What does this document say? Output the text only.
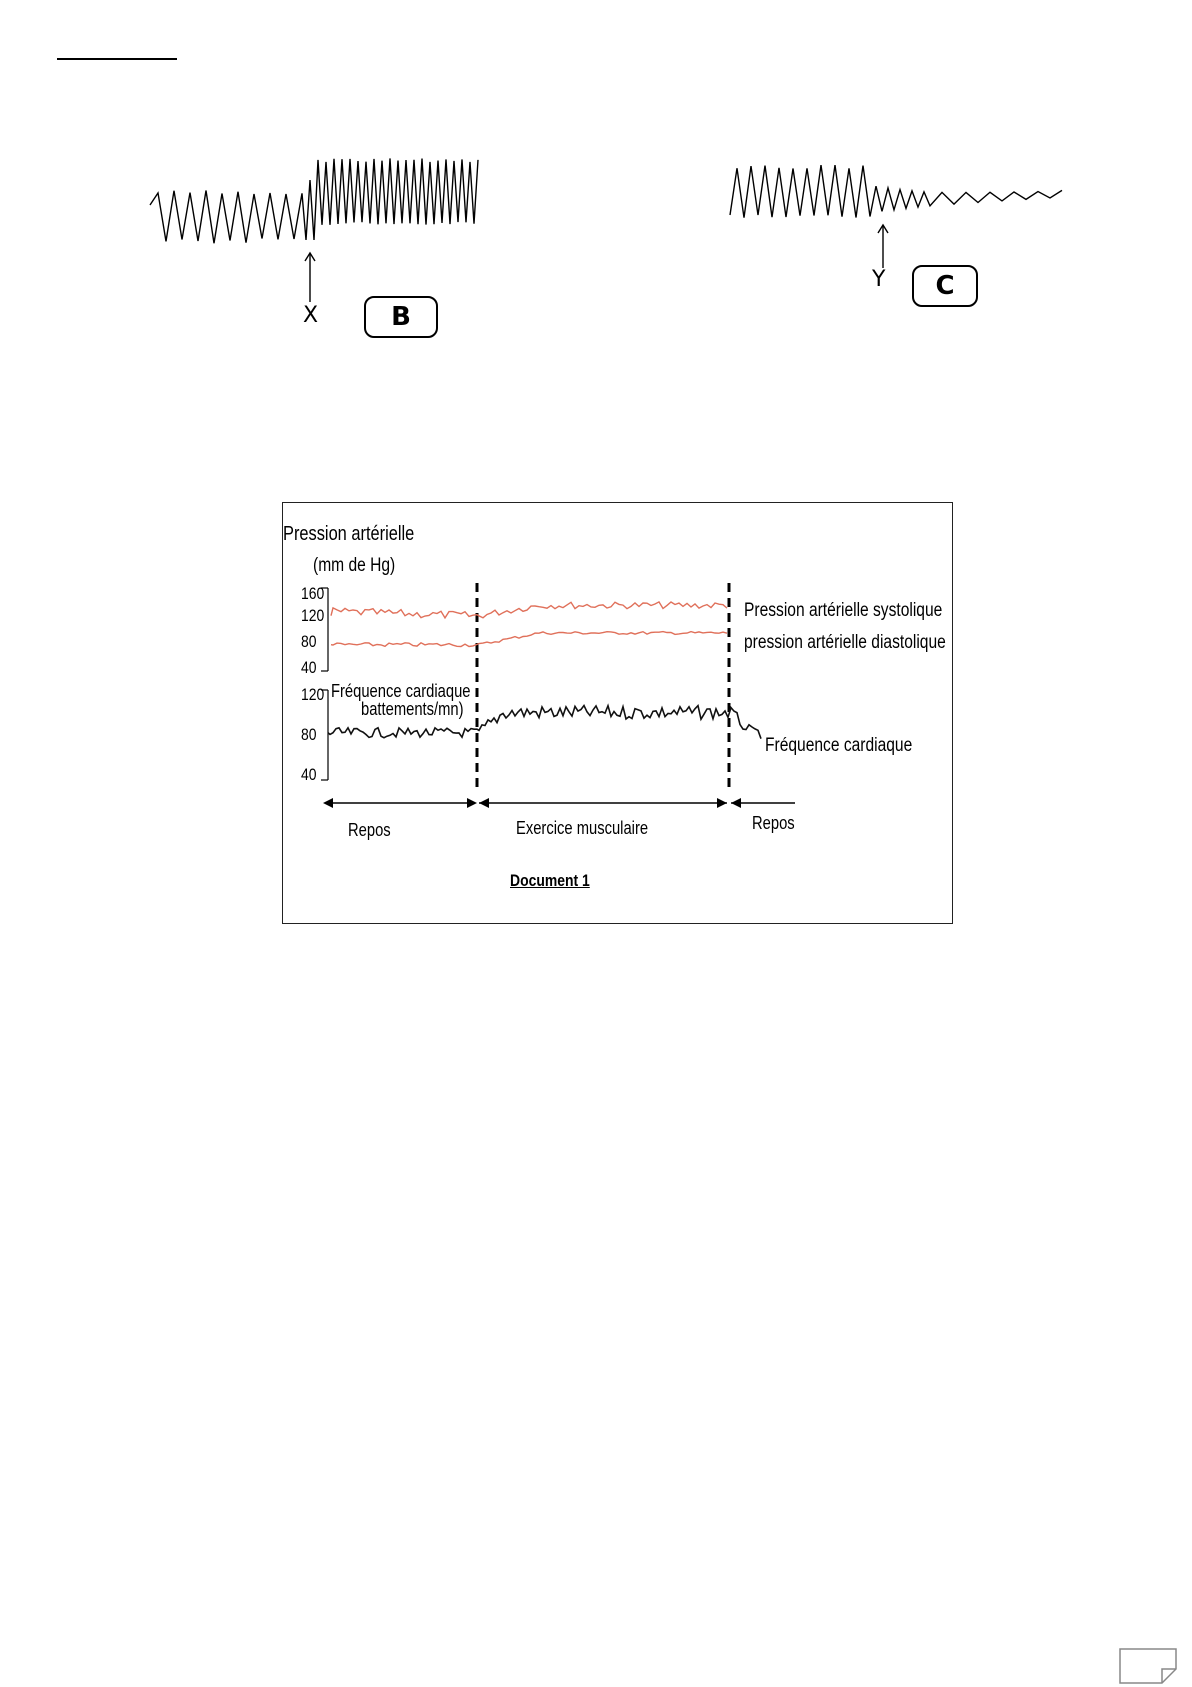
X	B
Y	C
Pression artérielle
(mm de Hg)
160
120
80
40
Fréquence cardiaque
battements/mn)
120
80
40
Pression artérielle systolique
pression artérielle diastolique
Fréquence cardiaque
Repos	Exercice musculaire	Repos
Document 1
